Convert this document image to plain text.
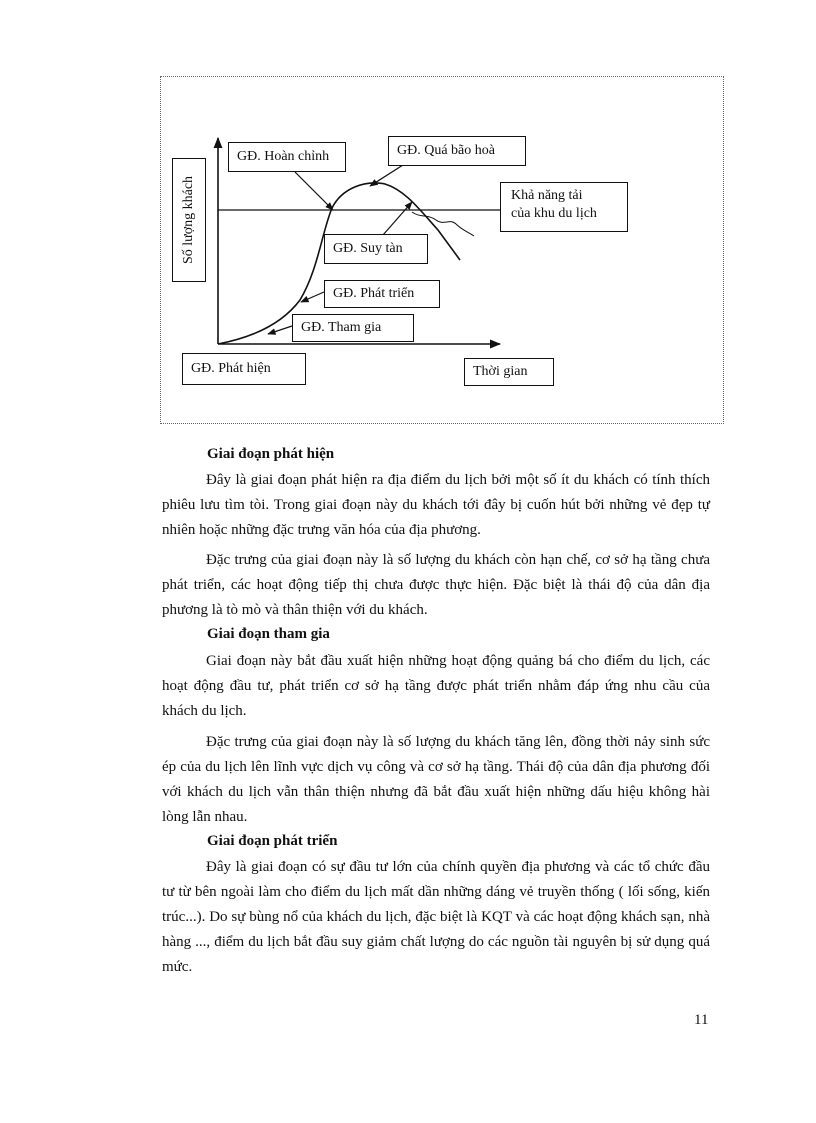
Số lượng khách
GĐ. Hoàn chỉnh	GĐ. Quá bão hoà
Khả năng tải
của khu du lịch
GĐ. Suy tàn
GĐ. Phát triển
GĐ. Tham gia
GĐ. Phát hiện	Thời gian
Giai đoạn phát hiện

Đây là giai đoạn phát hiện ra địa điểm du lịch bởi một số ít du khách có tính thích phiêu lưu tìm tòi. Trong giai đoạn này du khách tới đây bị cuốn hút bởi những vẻ đẹp tự nhiên hoặc những đặc trưng văn hóa của địa phương.

Đặc trưng của giai đoạn này là số lượng du khách còn hạn chế, cơ sở hạ tầng chưa phát triển, các hoạt động tiếp thị chưa được thực hiện. Đặc biệt là thái độ của dân địa phương là tò mò và thân thiện với du khách.

Giai đoạn tham gia

Giai đoạn này bắt đầu xuất hiện những hoạt động quảng bá cho điểm du lịch, các hoạt động đầu tư, phát triển cơ sở hạ tầng được phát triển nhằm đáp ứng nhu cầu của khách du lịch.

Đặc trưng của giai đoạn này là số lượng du khách tăng lên, đồng thời nảy sinh sức ép của du lịch lên lĩnh vực dịch vụ công và cơ sở hạ tầng. Thái độ của dân địa phương đối với khách du lịch vẫn thân thiện nhưng đã bắt đầu xuất hiện những dấu hiệu không hài lòng lẫn nhau.

Giai đoạn phát triển

Đây là giai đoạn có sự đầu tư lớn của chính quyền địa phương và các tổ chức đầu tư từ bên ngoài làm cho điểm du lịch mất dần những dáng vẻ truyền thống ( lối sống, kiến trúc...). Do sự bùng nổ của khách du lịch, đặc biệt là KQT và các hoạt động khách sạn, nhà hàng ..., điểm du lịch bắt đầu suy giảm chất lượng do các nguồn tài nguyên bị sử dụng quá mức.

11
